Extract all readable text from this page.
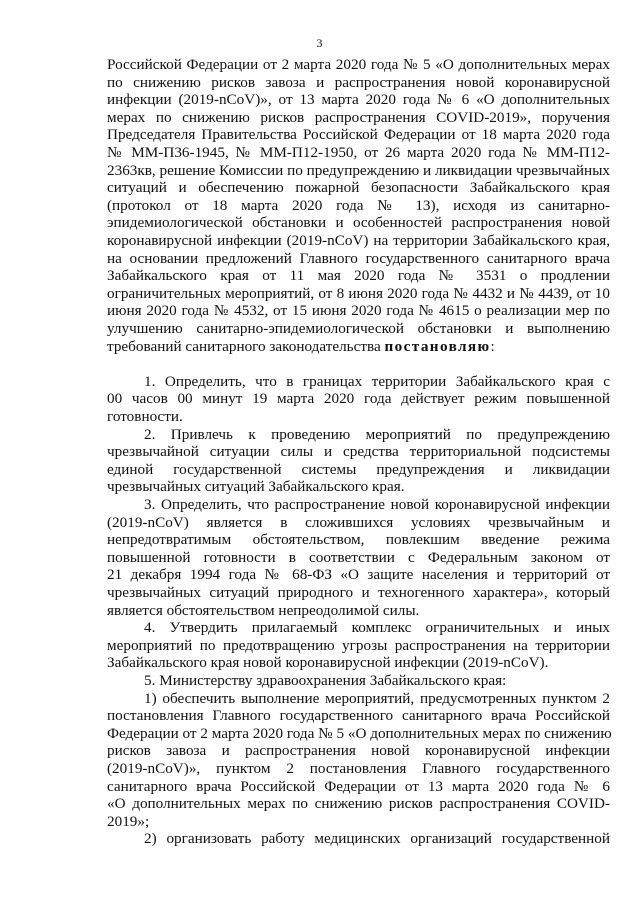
3
Российской Федерации от 2 марта 2020 года № 5 «О дополнительных мерах
по снижению рисков завоза и распространения новой коронавирусной
инфекции (2019-nCoV)», от 13 марта 2020 года № 6 «О дополнительных
мерах по снижению рисков распространения COVID-2019», поручения
Председателя Правительства Российской Федерации от 18 марта 2020 года
№ ММ-П36-1945, № ММ-П12-1950, от 26 марта 2020 года № ММ-П12-
2363кв, решение Комиссии по предупреждению и ликвидации чрезвычайных
ситуаций и обеспечению пожарной безопасности Забайкальского края
(протокол от 18 марта 2020 года № 13), исходя из санитарно-
эпидемиологической обстановки и особенностей распространения новой
коронавирусной инфекции (2019-nCoV) на территории Забайкальского края,
на основании предложений Главного государственного санитарного врача
Забайкальского края от 11 мая 2020 года № 3531 о продлении
ограничительных мероприятий, от 8 июня 2020 года № 4432 и № 4439, от 10
июня 2020 года № 4532, от 15 июня 2020 года № 4615 о реализации мер по
улучшению санитарно-эпидемиологической обстановки и выполнению
требований санитарного законодательства постановляю:
1. Определить, что в границах территории Забайкальского края с
00 часов 00 минут 19 марта 2020 года действует режим повышенной
готовности.
2. Привлечь к проведению мероприятий по предупреждению
чрезвычайной ситуации силы и средства территориальной подсистемы
единой государственной системы предупреждения и ликвидации
чрезвычайных ситуаций Забайкальского края.
3. Определить, что распространение новой коронавирусной инфекции
(2019-nCoV) является в сложившихся условиях чрезвычайным и
непредотвратимым обстоятельством, повлекшим введение режима
повышенной готовности в соответствии с Федеральным законом от
21 декабря 1994 года № 68-ФЗ «О защите населения и территорий от
чрезвычайных ситуаций природного и техногенного характера», который
является обстоятельством непреодолимой силы.
4. Утвердить прилагаемый комплекс ограничительных и иных
мероприятий по предотвращению угрозы распространения на территории
Забайкальского края новой коронавирусной инфекции (2019-nCoV).
5. Министерству здравоохранения Забайкальского края:
1) обеспечить выполнение мероприятий, предусмотренных пунктом 2
постановления Главного государственного санитарного врача Российской
Федерации от 2 марта 2020 года № 5 «О дополнительных мерах по снижению
рисков завоза и распространения новой коронавирусной инфекции
(2019-nCoV)», пунктом 2 постановления Главного государственного
санитарного врача Российской Федерации от 13 марта 2020 года № 6
«О дополнительных мерах по снижению рисков распространения COVID-
2019»;
2) организовать работу медицинских организаций государственной
